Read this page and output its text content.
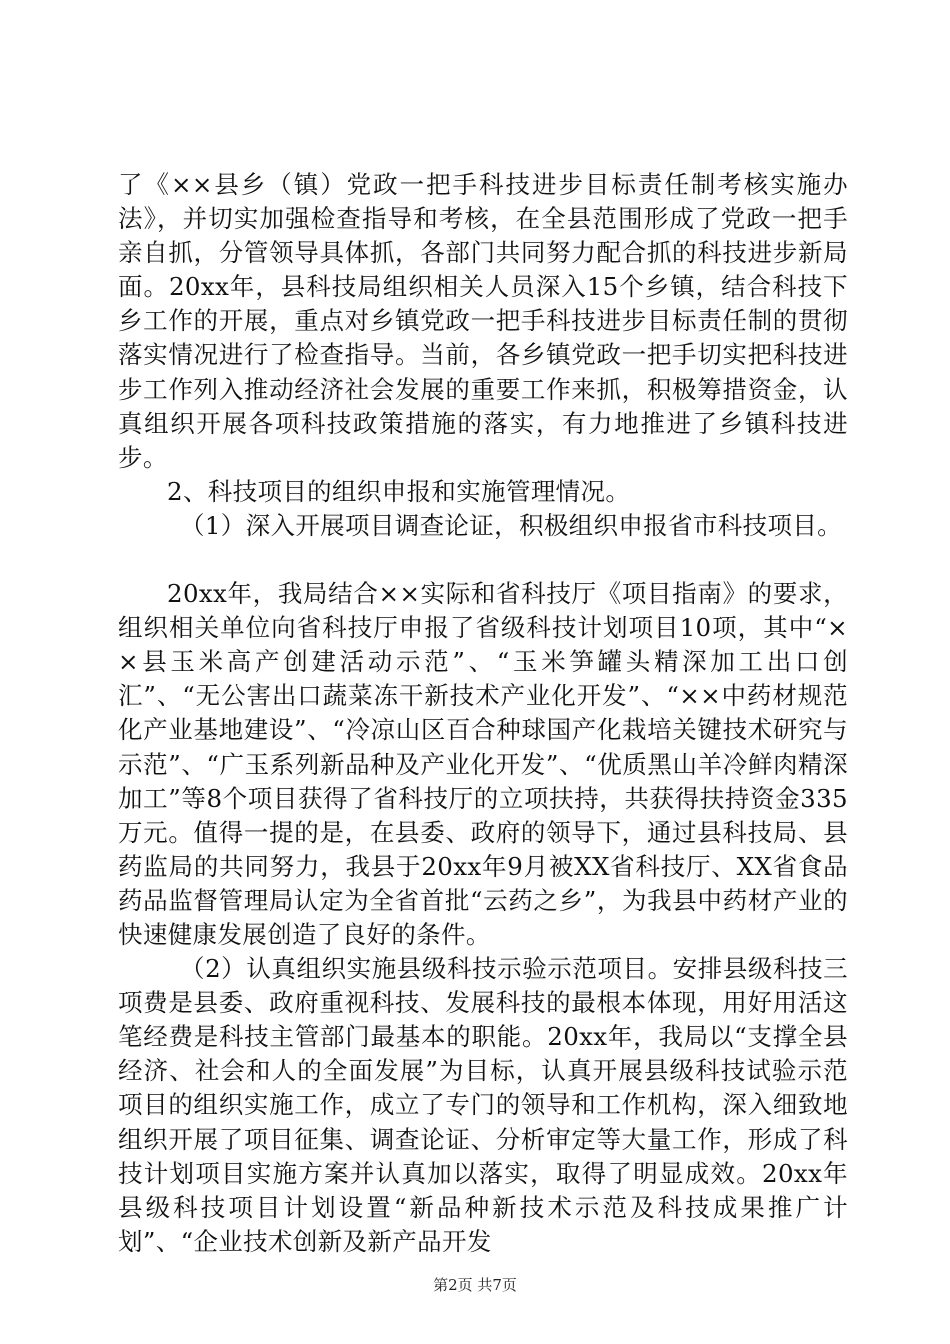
了《××县乡（镇）党政一把手科技进步目标责任制考核实施办法》，并切实加强检查指导和考核，在全县范围形成了党政一把手亲自抓，分管领导具体抓，各部门共同努力配合抓的科技进步新局面。20xx年，县科技局组织相关人员深入15个乡镇，结合科技下乡工作的开展，重点对乡镇党政一把手科技进步目标责任制的贯彻落实情况进行了检查指导。当前，各乡镇党政一把手切实把科技进步工作列入推动经济社会发展的重要工作来抓，积极筹措资金，认真组织开展各项科技政策措施的落实，有力地推进了乡镇科技进步。

2、科技项目的组织申报和实施管理情况。

（1）深入开展项目调查论证，积极组织申报省市科技项目。

20xx年，我局结合××实际和省科技厅《项目指南》的要求，组织相关单位向省科技厅申报了省级科技计划项目10项，其中“××县玉米高产创建活动示范”、“玉米笋罐头精深加工出口创汇”、“无公害出口蔬菜冻干新技术产业化开发”、“××中药材规范化产业基地建设”、“冷凉山区百合种球国产化栽培关键技术研究与示范”、“广玉系列新品种及产业化开发”、“优质黑山羊冷鲜肉精深加工”等8个项目获得了省科技厅的立项扶持，共获得扶持资金335万元。值得一提的是，在县委、政府的领导下，通过县科技局、县药监局的共同努力，我县于20xx年9月被XX省科技厅、XX省食品药品监督管理局认定为全省首批“云药之乡”，为我县中药材产业的快速健康发展创造了良好的条件。

（2）认真组织实施县级科技示验示范项目。安排县级科技三项费是县委、政府重视科技、发展科技的最根本体现，用好用活这笔经费是科技主管部门最基本的职能。20xx年，我局以“支撑全县经济、社会和人的全面发展”为目标，认真开展县级科技试验示范项目的组织实施工作，成立了专门的领导和工作机构，深入细致地组织开展了项目征集、调查论证、分析审定等大量工作，形成了科技计划项目实施方案并认真加以落实，取得了明显成效。20xx年县级科技项目计划设置“新品种新技术示范及科技成果推广计划”、“企业技术创新及新产品开发

第2页 共7页
